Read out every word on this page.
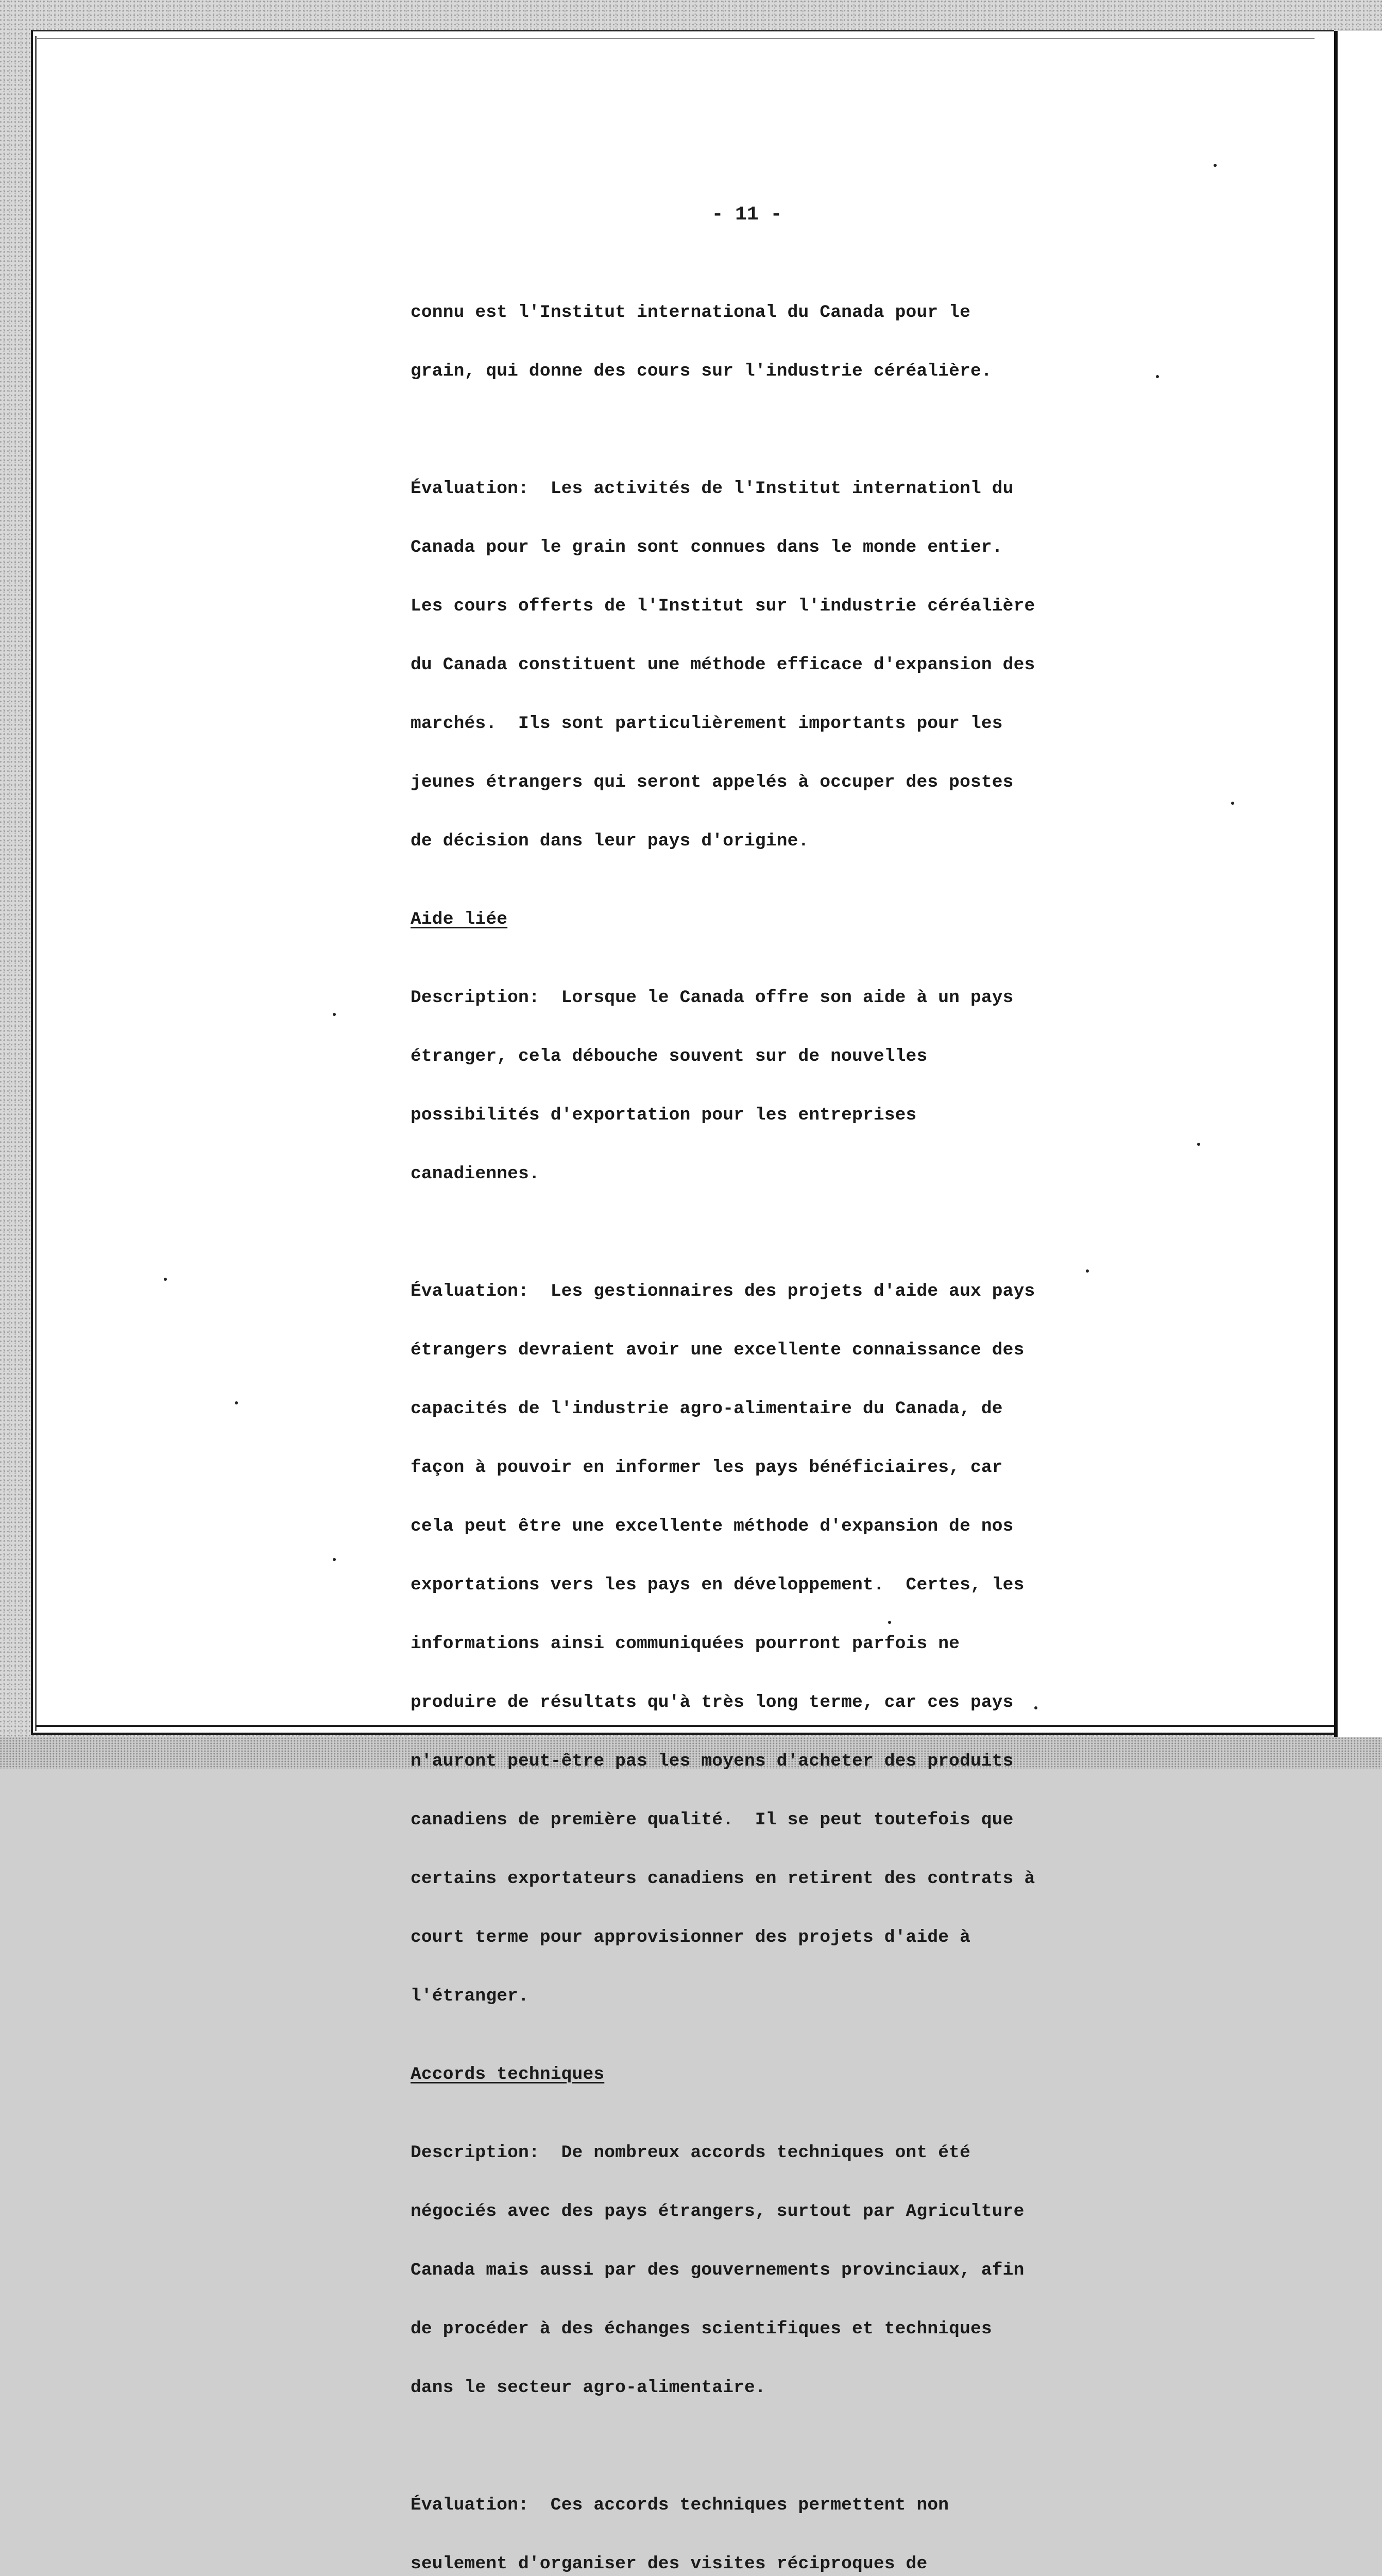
- 11 -

connu est l'Institut international du Canada pour le

grain, qui donne des cours sur l'industrie céréalière.

Évaluation:  Les activités de l'Institut internationl du

Canada pour le grain sont connues dans le monde entier.

Les cours offerts de l'Institut sur l'industrie céréalière

du Canada constituent une méthode efficace d'expansion des

marchés.  Ils sont particulièrement importants pour les

jeunes étrangers qui seront appelés à occuper des postes

de décision dans leur pays d'origine.

Aide liée

Description:  Lorsque le Canada offre son aide à un pays

étranger, cela débouche souvent sur de nouvelles

possibilités d'exportation pour les entreprises

canadiennes.

Évaluation:  Les gestionnaires des projets d'aide aux pays

étrangers devraient avoir une excellente connaissance des

capacités de l'industrie agro-alimentaire du Canada, de

façon à pouvoir en informer les pays bénéficiaires, car

cela peut être une excellente méthode d'expansion de nos

exportations vers les pays en développement.  Certes, les

informations ainsi communiquées pourront parfois ne

produire de résultats qu'à très long terme, car ces pays

n'auront peut-être pas les moyens d'acheter des produits

canadiens de première qualité.  Il se peut toutefois que

certains exportateurs canadiens en retirent des contrats à

court terme pour approvisionner des projets d'aide à

l'étranger.

Accords techniques

Description:  De nombreux accords techniques ont été

négociés avec des pays étrangers, surtout par Agriculture

Canada mais aussi par des gouvernements provinciaux, afin

de procéder à des échanges scientifiques et techniques

dans le secteur agro-alimentaire.

Évaluation:  Ces accords techniques permettent non

seulement d'organiser des visites réciproques de
